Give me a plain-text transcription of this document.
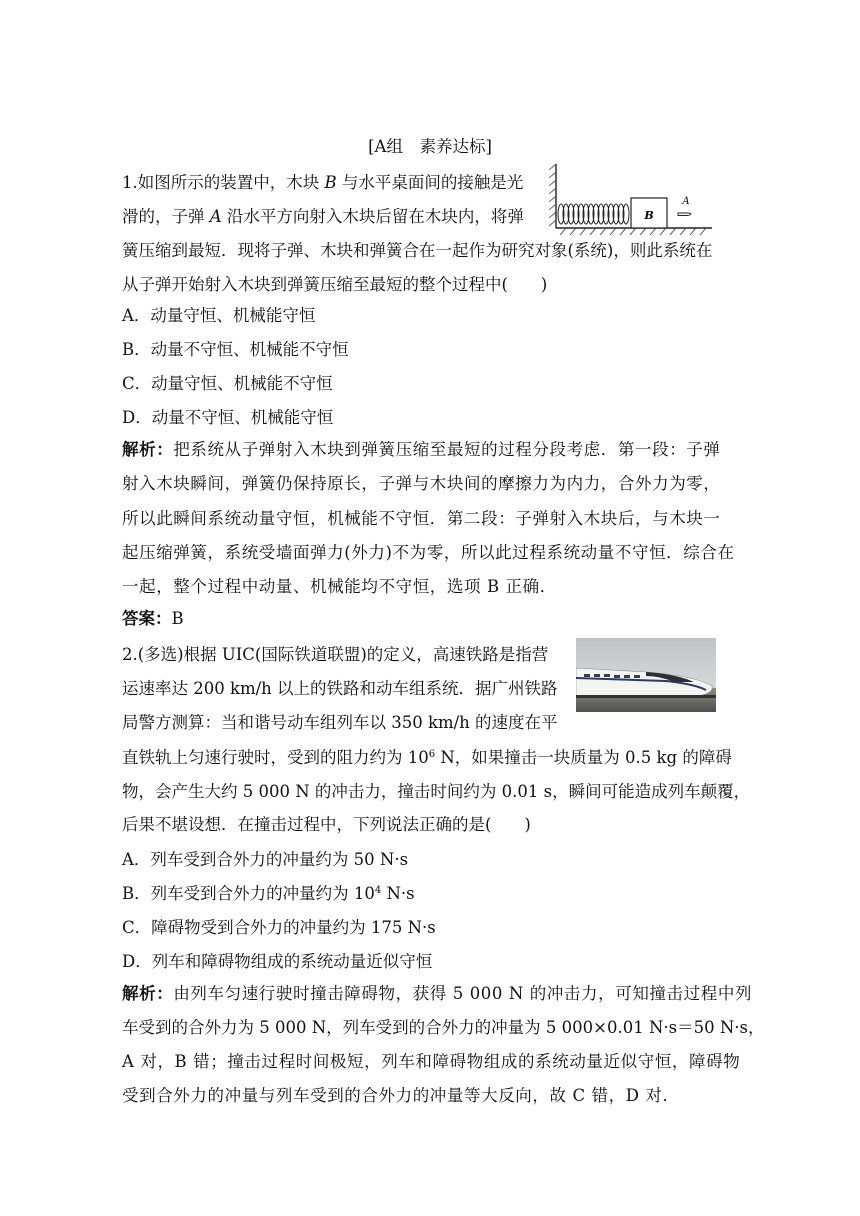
[A组　素养达标]
1.如图所示的装置中，木块 B 与水平桌面间的接触是光
滑的，子弹 A 沿水平方向射入木块后留在木块内，将弹
簧压缩到最短．现将子弹、木块和弹簧合在一起作为研究对象(系统)，则此系统在
从子弹开始射入木块到弹簧压缩至最短的整个过程中(　　)
B
A
A．动量守恒、机械能守恒
B．动量不守恒、机械能不守恒
C．动量守恒、机械能不守恒
D．动量不守恒、机械能守恒
解析：把系统从子弹射入木块到弹簧压缩至最短的过程分段考虑．第一段：子弹
射入木块瞬间，弹簧仍保持原长，子弹与木块间的摩擦力为内力，合外力为零，
所以此瞬间系统动量守恒，机械能不守恒．第二段：子弹射入木块后，与木块一
起压缩弹簧，系统受墙面弹力(外力)不为零，所以此过程系统动量不守恒．综合在
一起，整个过程中动量、机械能均不守恒，选项 B 正确．
答案：B
2.(多选)根据 UIC(国际铁道联盟)的定义，高速铁路是指营
运速率达 200 km/h 以上的铁路和动车组系统．据广州铁路
局警方测算：当和谐号动车组列车以 350 km/h 的速度在平
直铁轨上匀速行驶时，受到的阻力约为 $10^6$ N，如果撞击一块质量为 0.5 kg 的障碍
物，会产生大约 5 000 N 的冲击力，撞击时间约为 0.01 s，瞬间可能造成列车颠覆，
后果不堪设想．在撞击过程中，下列说法正确的是(　　)
A．列车受到合外力的冲量约为 50 N·s
B．列车受到合外力的冲量约为 $10^4$ N·s
C．障碍物受到合外力的冲量约为 175 N·s
D．列车和障碍物组成的系统动量近似守恒
解析：由列车匀速行驶时撞击障碍物，获得 5 000 N 的冲击力，可知撞击过程中列
车受到的合外力为 5 000 N，列车受到的合外力的冲量为 5 000×0.01 N·s＝50 N·s，
A 对，B 错；撞击过程时间极短，列车和障碍物组成的系统动量近似守恒，障碍物
受到合外力的冲量与列车受到的合外力的冲量等大反向，故 C 错，D 对．
